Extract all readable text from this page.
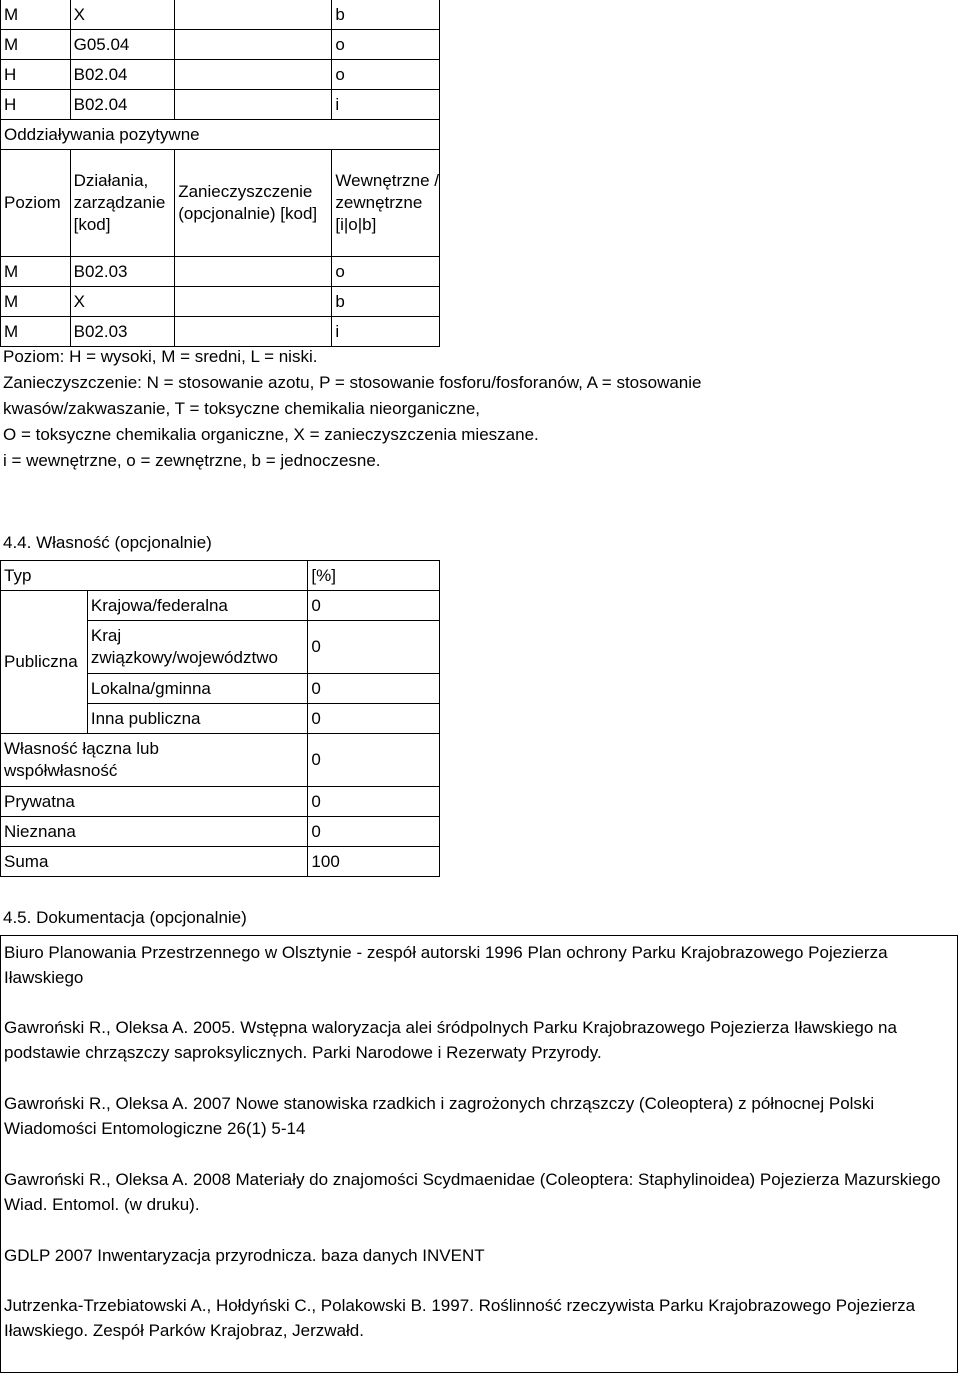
M	X		b
M	G05.04		o
H	B02.04		o
H	B02.04		i
Oddziaływania pozytywne			
Poziom	Działania, zarządzanie [kod]	Zanieczyszczenie (opcjonalnie) [kod]	Wewnętrzne / zewnętrzne [i|o|b]
M	B02.03		o
M	X		b
M	B02.03		i
Poziom: H = wysoki, M = sredni, L = niski.
Zanieczyszczenie: N = stosowanie azotu, P = stosowanie fosforu/fosforanów, A = stosowanie
kwasów/zakwaszanie, T = toksyczne chemikalia nieorganiczne,
O = toksyczne chemikalia organiczne, X = zanieczyszczenia mieszane.
i = wewnętrzne, o = zewnętrzne, b = jednoczesne.
4.4. Własność (opcjonalnie)
Typ		[%]
Publiczna	Krajowa/federalna	0
	Kraj związkowy/województwo	0
	Lokalna/gminna	0
	Inna publiczna	0
Własność łączna lub współwłasność		0
Prywatna		0
Nieznana		0
Suma		100
4.5. Dokumentacja (opcjonalnie)
Biuro Planowania Przestrzennego w Olsztynie - zespół autorski 1996 Plan ochrony Parku Krajobrazowego Pojezierza Iławskiego
Gawroński R., Oleksa A. 2005. Wstępna waloryzacja alei śródpolnych Parku Krajobrazowego Pojezierza Iławskiego na podstawie chrząszczy saproksylicznych. Parki Narodowe i Rezerwaty Przyrody.
Gawroński R., Oleksa A. 2007 Nowe stanowiska rzadkich i zagrożonych chrząszczy (Coleoptera) z północnej Polski Wiadomości Entomologiczne 26(1) 5-14
Gawroński R., Oleksa A. 2008 Materiały do znajomości Scydmaenidae (Coleoptera: Staphylinoidea) Pojezierza Mazurskiego Wiad. Entomol. (w druku).
GDLP 2007 Inwentaryzacja przyrodnicza. baza danych INVENT
Jutrzenka-Trzebiatowski A., Hołdyński C., Polakowski B. 1997. Roślinność rzeczywista Parku Krajobrazowego Pojezierza Iławskiego. Zespół Parków Krajobraz, Jerzwałd.
